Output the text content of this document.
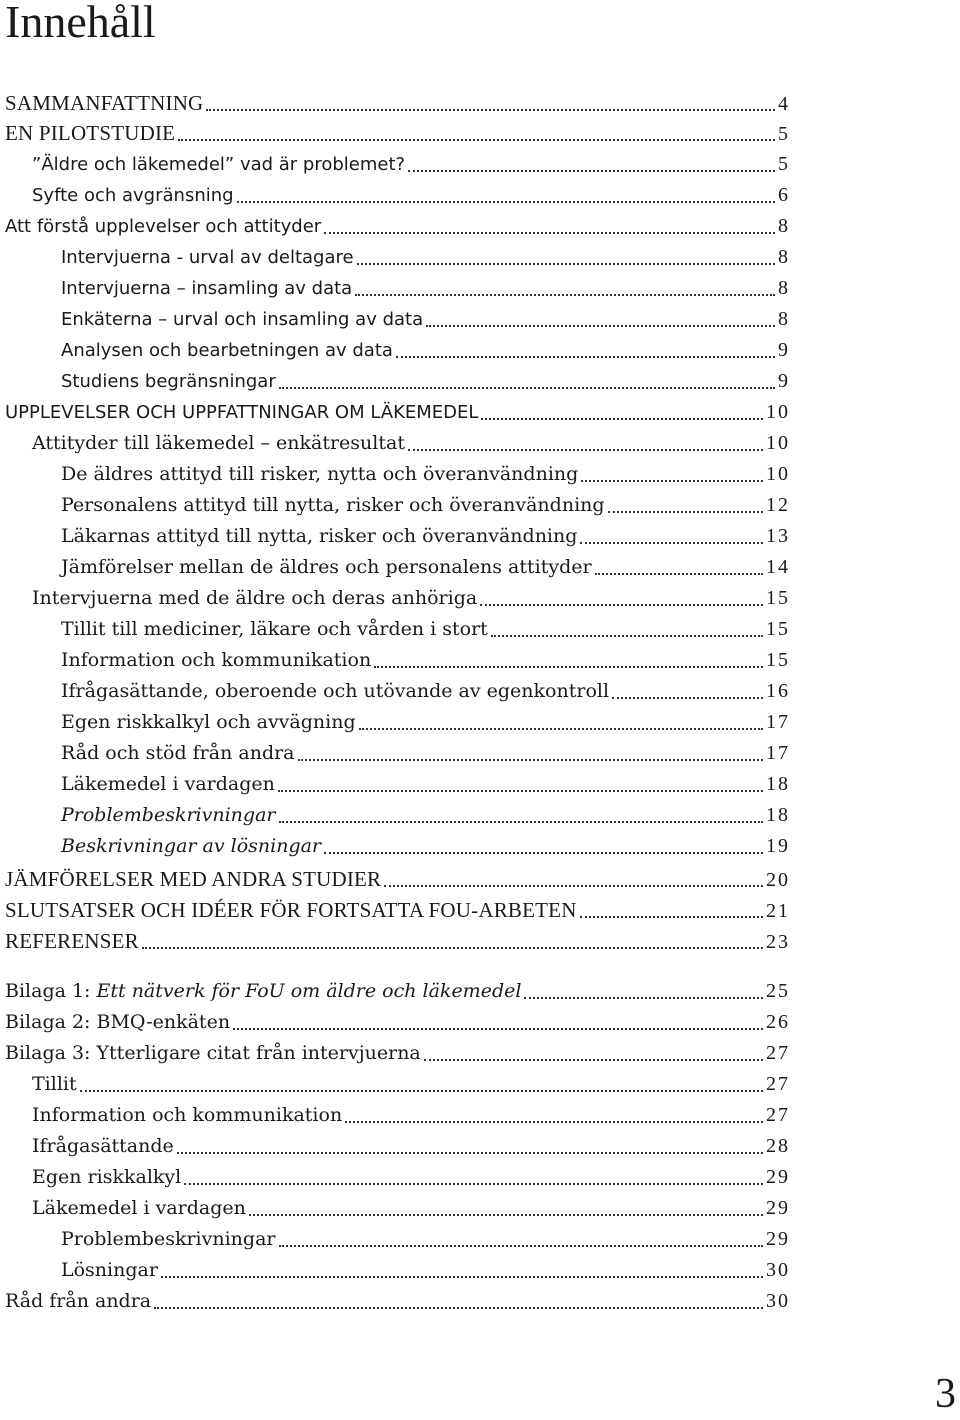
Innehåll
SAMMANFATTNING	4
EN PILOTSTUDIE	5
”Äldre och läkemedel” vad är problemet?	5
Syfte och avgränsning	6
Att förstå upplevelser och attityder	8
Intervjuerna - urval av deltagare	8
Intervjuerna – insamling av data	8
Enkäterna – urval och insamling av data	8
Analysen och bearbetningen av data	9
Studiens begränsningar	9
UPPLEVELSER OCH UPPFATTNINGAR OM LÄKEMEDEL	10
Attityder till läkemedel – enkätresultat	10
De äldres attityd till risker, nytta och överanvändning	10
Personalens attityd till nytta, risker och överanvändning	12
Läkarnas attityd till nytta, risker och överanvändning	13
Jämförelser mellan de äldres och personalens attityder	14
Intervjuerna med de äldre och deras anhöriga	15
Tillit till mediciner, läkare och vården i stort	15
Information och kommunikation	15
Ifrågasättande, oberoende och utövande av egenkontroll	16
Egen riskkalkyl och avvägning	17
Råd och stöd från andra	17
Läkemedel i vardagen	18
Problembeskrivningar	18
Beskrivningar av lösningar	19
JÄMFÖRELSER MED ANDRA STUDIER	20
SLUTSATSER OCH IDÉER FÖR FORTSATTA FOU-ARBETEN	21
REFERENSER	23
Bilaga 1: Ett nätverk för FoU om äldre och läkemedel	25
Bilaga 2: BMQ-enkäten	26
Bilaga 3: Ytterligare citat från intervjuerna	27
Tillit	27
Information och kommunikation	27
Ifrågasättande	28
Egen riskkalkyl	29
Läkemedel i vardagen	29
Problembeskrivningar	29
Lösningar	30
Råd från andra	30
3
